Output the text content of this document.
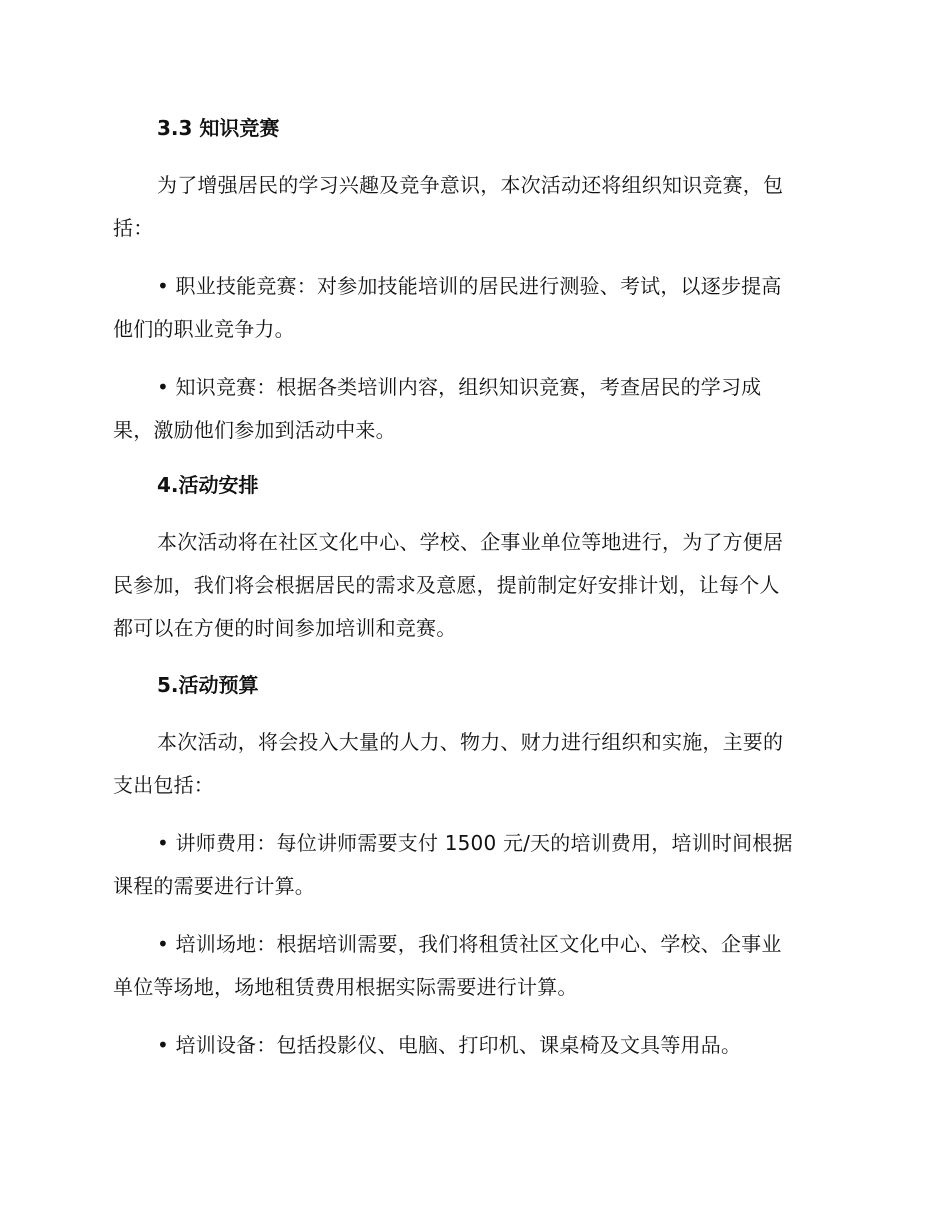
3.3 知识竞赛

为了增强居民的学习兴趣及竞争意识，本次活动还将组织知识竞赛，包
括：

• 职业技能竞赛：对参加技能培训的居民进行测验、考试，以逐步提高
他们的职业竞争力。

• 知识竞赛：根据各类培训内容，组织知识竞赛，考查居民的学习成
果，激励他们参加到活动中来。

4.活动安排

本次活动将在社区文化中心、学校、企事业单位等地进行，为了方便居
民参加，我们将会根据居民的需求及意愿，提前制定好安排计划，让每个人
都可以在方便的时间参加培训和竞赛。

5.活动预算

本次活动，将会投入大量的人力、物力、财力进行组织和实施，主要的
支出包括：

• 讲师费用：每位讲师需要支付 1500 元/天的培训费用，培训时间根据
课程的需要进行计算。

• 培训场地：根据培训需要，我们将租赁社区文化中心、学校、企事业
单位等场地，场地租赁费用根据实际需要进行计算。

• 培训设备：包括投影仪、电脑、打印机、课桌椅及文具等用品。
